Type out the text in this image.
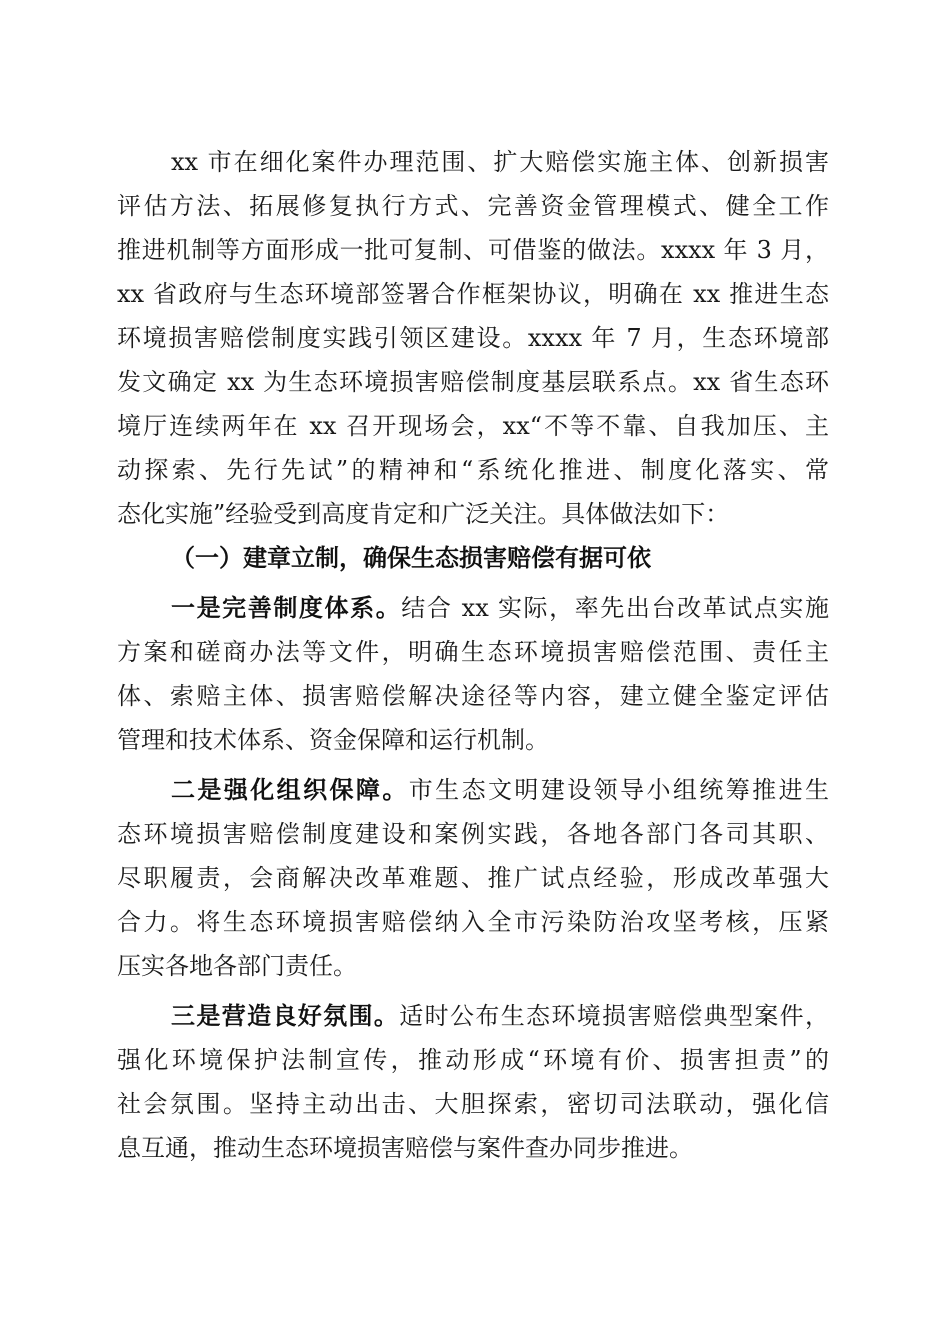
xx 市在细化案件办理范围、扩大赔偿实施主体、创新损害
评估方法、拓展修复执行方式、完善资金管理模式、健全工作
推进机制等方面形成一批可复制、可借鉴的做法。xxxx 年 3 月，
xx 省政府与生态环境部签署合作框架协议，明确在 xx 推进生态
环境损害赔偿制度实践引领区建设。xxxx 年 7 月，生态环境部
发文确定 xx 为生态环境损害赔偿制度基层联系点。xx 省生态环
境厅连续两年在 xx 召开现场会，xx“不等不靠、自我加压、主
动探索、先行先试”的精神和“系统化推进、制度化落实、常
态化实施”经验受到高度肯定和广泛关注。具体做法如下：
（一）建章立制，确保生态损害赔偿有据可依
一是完善制度体系。结合 xx 实际，率先出台改革试点实施
方案和磋商办法等文件，明确生态环境损害赔偿范围、责任主
体、索赔主体、损害赔偿解决途径等内容，建立健全鉴定评估
管理和技术体系、资金保障和运行机制。
二是强化组织保障。市生态文明建设领导小组统筹推进生
态环境损害赔偿制度建设和案例实践，各地各部门各司其职、
尽职履责，会商解决改革难题、推广试点经验，形成改革强大
合力。将生态环境损害赔偿纳入全市污染防治攻坚考核，压紧
压实各地各部门责任。
三是营造良好氛围。适时公布生态环境损害赔偿典型案件，
强化环境保护法制宣传，推动形成“环境有价、损害担责”的
社会氛围。坚持主动出击、大胆探索，密切司法联动，强化信
息互通，推动生态环境损害赔偿与案件查办同步推进。
